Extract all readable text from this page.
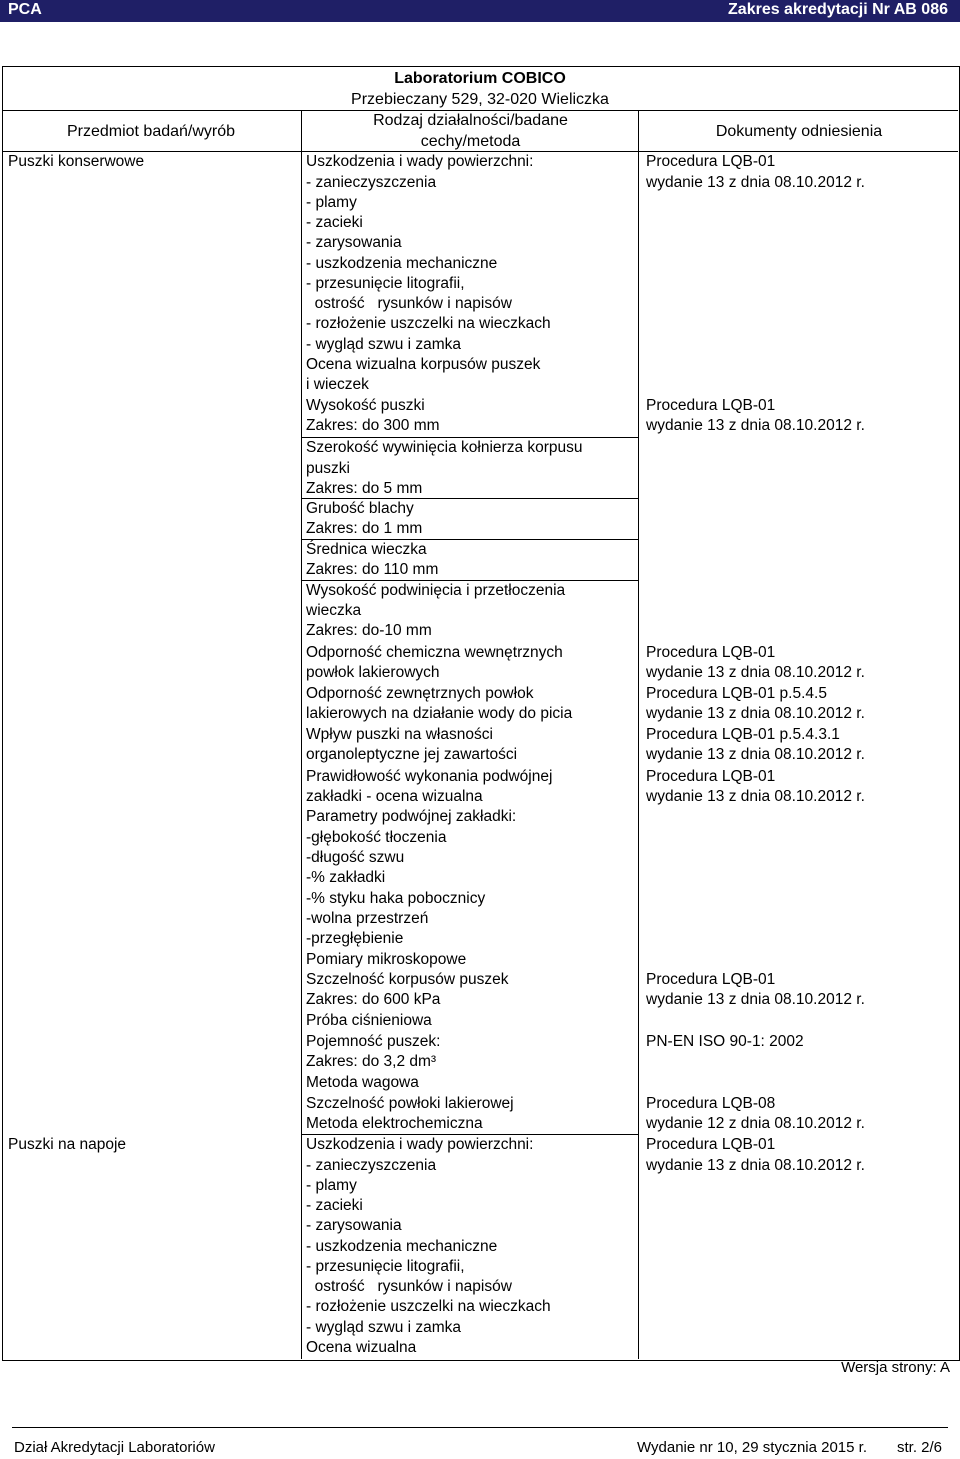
PCA	Zakres akredytacji Nr AB 086
Laboratorium COBICO
Przebieczany 529, 32-020 Wieliczka
Przedmiot badań/wyrób
Rodzaj działalności/badane
cechy/metoda
Dokumenty odniesienia
Puszki konserwowe
Puszki na napoje
Uszkodzenia i wady powierzchni:
- zanieczyszczenia
- plamy
- zacieki
- zarysowania
- uszkodzenia mechaniczne
- przesunięcie litografii,
ostrość   rysunków i napisów
- rozłożenie uszczelki na wieczkach
- wygląd szwu i zamka
Ocena wizualna korpusów puszek
i wieczek
Wysokość puszki
Zakres: do 300 mm
Szerokość wywinięcia kołnierza korpusu
puszki
Zakres: do 5 mm
Grubość blachy
Zakres: do 1 mm
Średnica wieczka
Zakres: do 110 mm
Wysokość podwinięcia i przetłoczenia
wieczka
Zakres: do-10 mm
Odporność chemiczna wewnętrznych
powłok lakierowych
Odporność zewnętrznych powłok
lakierowych na działanie wody do picia
Wpływ puszki na własności
organoleptyczne jej zawartości
Prawidłowość wykonania podwójnej
zakładki - ocena wizualna
Parametry podwójnej zakładki:
-głębokość tłoczenia
-długość szwu
-% zakładki
-% styku haka pobocznicy
-wolna przestrzeń
-przegłębienie
Pomiary mikroskopowe
Szczelność korpusów puszek
Zakres: do 600 kPa
Próba ciśnieniowa
Pojemność puszek:
Zakres: do 3,2 dm³
Metoda wagowa
Szczelność powłoki lakierowej
Metoda elektrochemiczna
Uszkodzenia i wady powierzchni:
- zanieczyszczenia
- plamy
- zacieki
- zarysowania
- uszkodzenia mechaniczne
- przesunięcie litografii,
ostrość   rysunków i napisów
- rozłożenie uszczelki na wieczkach
- wygląd szwu i zamka
Ocena wizualna
Procedura LQB-01
wydanie 13 z dnia 08.10.2012 r.
Procedura LQB-01
wydanie 13 z dnia 08.10.2012 r.
Procedura LQB-01
wydanie 13 z dnia 08.10.2012 r.
Procedura LQB-01 p.5.4.5
wydanie 13 z dnia 08.10.2012 r.
Procedura LQB-01 p.5.4.3.1
wydanie 13 z dnia 08.10.2012 r.
Procedura LQB-01
wydanie 13 z dnia 08.10.2012 r.
Procedura LQB-01
wydanie 13 z dnia 08.10.2012 r.
PN-EN ISO 90-1: 2002
Procedura LQB-08
wydanie 12 z dnia 08.10.2012 r.
Procedura LQB-01
wydanie 13 z dnia 08.10.2012 r.
Wersja strony: A
Dział Akredytacji Laboratoriów	Wydanie nr 10, 29 stycznia 2015 r. str. 2/6
